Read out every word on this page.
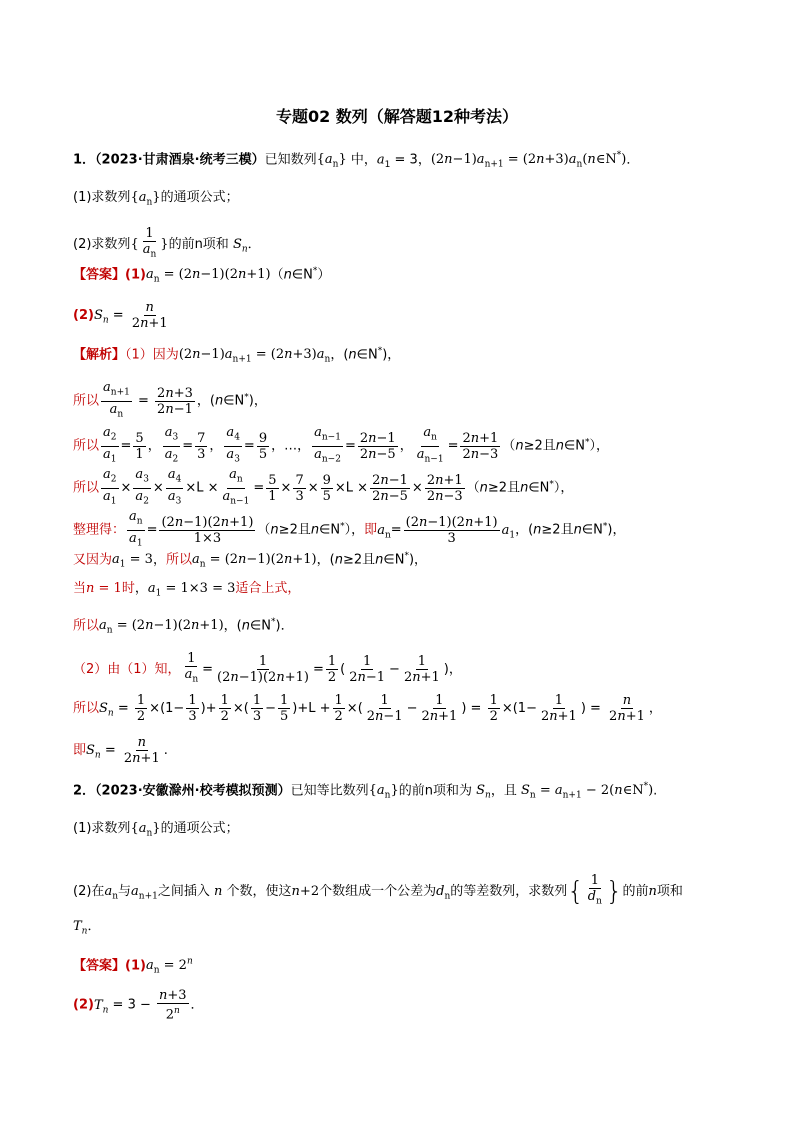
专题02 数列（解答题12种考法）
1．（2023·甘肃酒泉·统考三模）已知数列$\{a_n\}$ 中，$a_1 = 3$，$(2n-1)a_{n+1}$ = $(2n+3)a_n(n\in N^*)$．
(1)求数列$\{a_n\}$的通项公式；
(2)求数列{ $\frac{1}{a_n}$ }的前n项和 $S_n$．
【答案】$(1)a_n$ = (2n−1)(2n+1)（n∈N*）
$(2)S_n = \frac{n}{2n+1}$
【解析】（1）因为$(2n-1)a_{n+1} = (2n+3)a_n$，(n∈N*)，
所以 $\frac{a_{n+1}}{a_n} = \frac{2n+3}{2n-1}$ ，(n∈N*)，
所以 $\frac{a_2}{a_1} = \frac{5}{1}$ ， $\frac{a_3}{a_2} = \frac{7}{3}$ ， $\frac{a_4}{a_3} = \frac{9}{5}$ ，…， $\frac{a_{n-1}}{a_{n-2}} = \frac{2n-1}{2n-5}$ ， $\frac{a_n}{a_{n-1}} = \frac{2n+1}{2n-3} (n\ge 2$且n∈N*），
所以 $\frac{a_2}{a_1} \times \frac{a_3}{a_2} \times \frac{a_4}{a_3} \times L \times \frac{a_n}{a_{n-1}} = \frac{5}{1} \times \frac{7}{3} \times \frac{9}{5} \times L \times \frac{2n-1}{2n-5} \times \frac{2n+1}{2n-3} (n\ge 2$且n∈N*），
整理得： $\frac{a_n}{a_1} = \frac{(2n-1)(2n+1)}{1\times 3} (n\ge 2$且n∈N*），即$a_n= \frac{(2n-1)(2n+1)}{3} a_1$，(n≥2且n∈N*)，
又因为$a_1 = 3$，所以$a_n = (2n-1)(2n+1)$，(n≥2且n∈N*)，
当n = 1时，$a_1 = 1\times 3 = 3$适合上式，
所以$a_n = (2n-1)(2n+1)$，(n∈N*)．
（2）由（1）知， $\frac{1}{a_n} = \frac{1}{(2n-1)(2n+1)} = \frac{1}{2}$ ( $\frac{1}{2n-1} - \frac{1}{2n+1}$ )，
所以$S_n = \frac{1}{2} \times(1- \frac{1}{3}$ )+ $\frac{1}{2}$ ×( $\frac{1}{3} - \frac{1}{5} )+L + \frac{1}{2}$ ×( $\frac{1}{2n-1} - \frac{1}{2n+1}$ ) = $\frac{1}{2} \times(1- \frac{1}{2n+1}$ ) = $\frac{n}{2n+1}$ ，
即$S_n = \frac{n}{2n+1}$ .
2．（2023·安徽滁州·校考模拟预测）已知等比数列$\{a_n\}$的前n项和为 $S_n$，且 $S_n = a_{n+1}$ − 2(n∈N*).
(1)求数列$\{a_n\}$的通项公式；
(2)在$a_n$与$a_{n+1}$之间插入 n 个数，使这n+2个数组成一个公差为$d_n$的等差数列，求数列{ $\frac{1}{d_n}$ }的前n项和
$T_n$．
【答案】$(1)a_n = 2^n$
$(2)T_n = 3 - \frac{n+3}{2^n}$ ．
